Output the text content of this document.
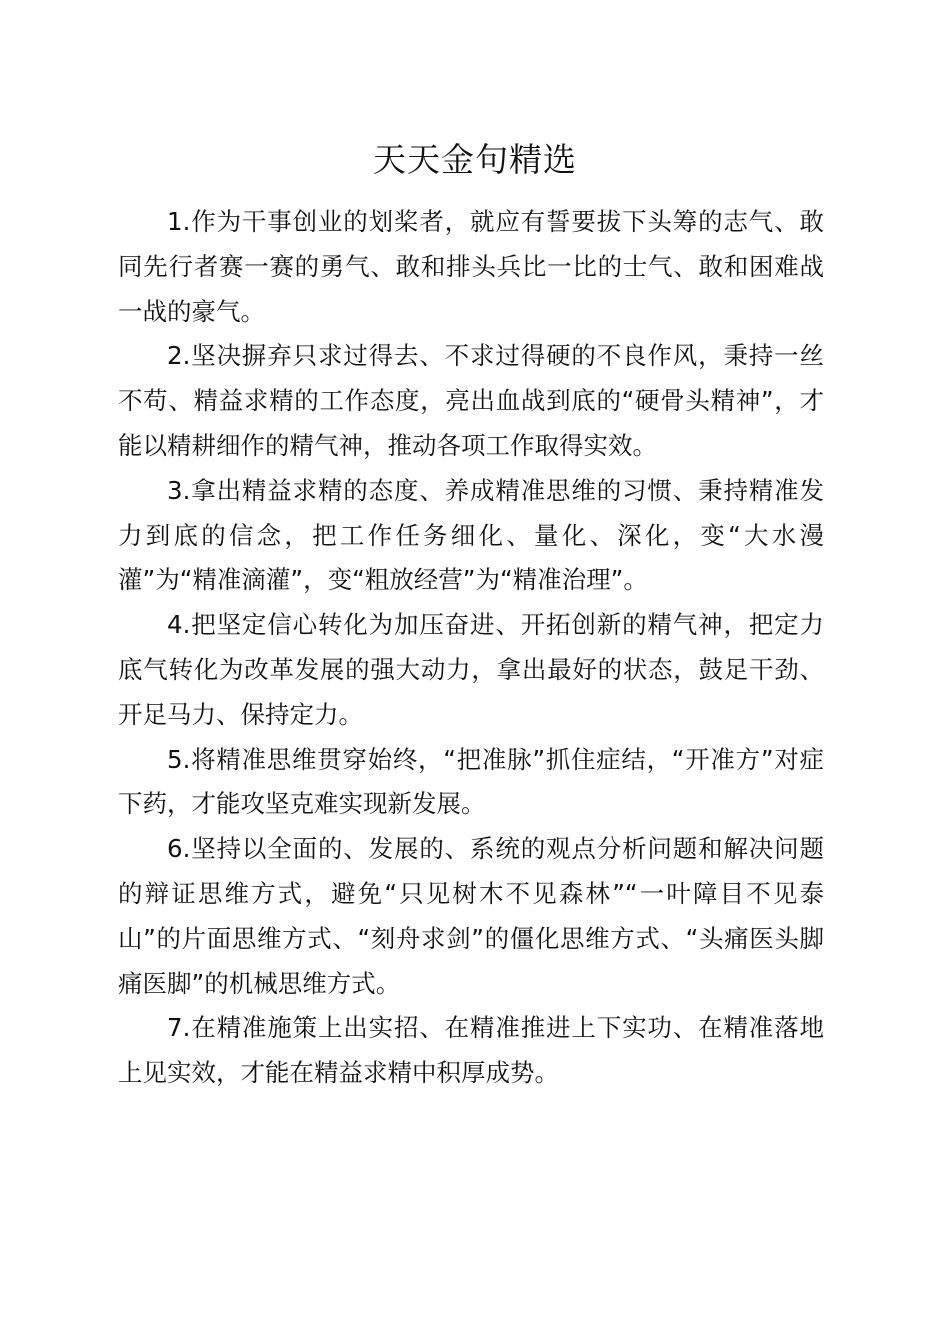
天天金句精选

1.作为干事创业的划桨者，就应有誓要拔下头筹的志气、敢同先行者赛一赛的勇气、敢和排头兵比一比的士气、敢和困难战一战的豪气。

2.坚决摒弃只求过得去、不求过得硬的不良作风，秉持一丝不苟、精益求精的工作态度，亮出血战到底的“硬骨头精神”，才能以精耕细作的精气神，推动各项工作取得实效。

3.拿出精益求精的态度、养成精准思维的习惯、秉持精准发力到底的信念，把工作任务细化、量化、深化，变“大水漫灌”为“精准滴灌”，变“粗放经营”为“精准治理”。

4.把坚定信心转化为加压奋进、开拓创新的精气神，把定力底气转化为改革发展的强大动力，拿出最好的状态，鼓足干劲、开足马力、保持定力。

5.将精准思维贯穿始终，“把准脉”抓住症结，“开准方”对症下药，才能攻坚克难实现新发展。

6.坚持以全面的、发展的、系统的观点分析问题和解决问题的辩证思维方式，避免“只见树木不见森林”“一叶障目不见泰山”的片面思维方式、“刻舟求剑”的僵化思维方式、“头痛医头脚痛医脚”的机械思维方式。

7.在精准施策上出实招、在精准推进上下实功、在精准落地上见实效，才能在精益求精中积厚成势。
